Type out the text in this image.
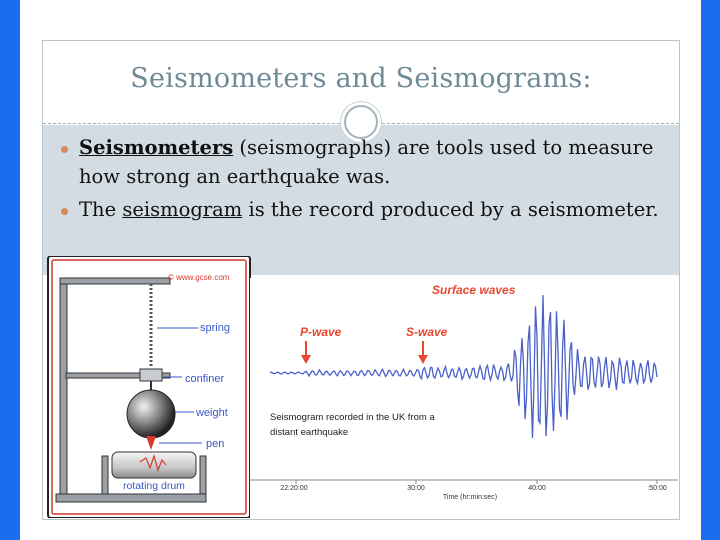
Seismometers and Seismograms:
Seismometers (seismographs) are tools used to measure how strong an earthquake was.
The seismogram is the record produced by a seismometer.
© www.gcse.com
spring
confiner
weight
pen
rotating drum
Surface waves
P-wave	S-wave
Seismogram recorded in the UK from a
distant earthquake
22:20:00	30:00	40:00	:50:00
Time (hr:min:sec)
